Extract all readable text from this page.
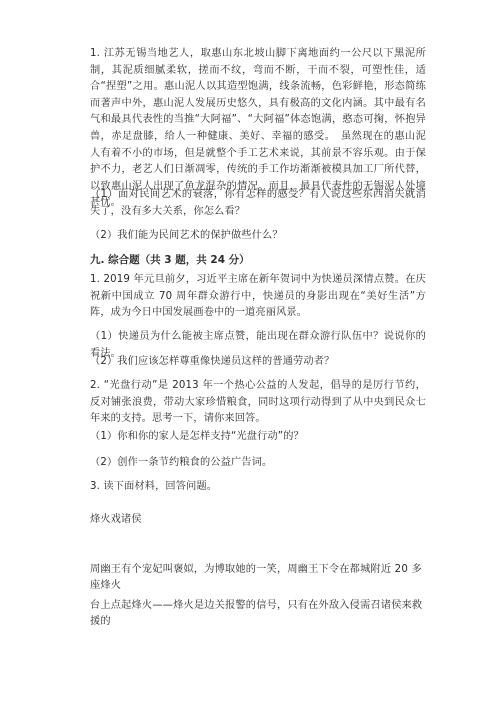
1. 江苏无锡当地艺人，取惠山东北坡山脚下离地面约一公尺以下黑泥所制，其泥质细腻柔软，搓而不纹，弯而不断，干而不裂，可塑性佳，适合“捏塑”之用。惠山泥人以其造型饱满，线条流畅，色彩鲜艳，形态简练而著声中外，惠山泥人发展历史悠久，具有极高的文化内涵。其中最有名气和最具代表性的当推“大阿福”、“大阿福”体态饱满，憨态可掬，怀抱异兽，赤足盘膝，给人一种健康、美好、幸福的感受。　虽然现在的惠山泥人有着不小的市场，但是就整个手工艺术来说，其前景不容乐观。由于保护不力，老艺人们日渐凋零，传统的手工作坊渐渐被模具加工厂所代替，以致惠山泥人出现了鱼龙混杂的情况。而且，最具代表性的无锡泥人处境甚忧。

（1）面对民间艺术的衰落，你有怎样的感受？有人说这些东西消失就消失了，没有多大关系，你怎么看？

（2）我们能为民间艺术的保护做些什么？

九. 综合题（共 3 题，共 24 分）

1. 2019 年元旦前夕，习近平主席在新年贺词中为快递员深情点赞。在庆祝新中国成立 70 周年群众游行中，快递员的身影出现在“美好生活”方阵，成为今日中国发展画卷中的一道亮丽风景。

（1）快递员为什么能被主席点赞，能出现在群众游行队伍中？说说你的看法。

（2）我们应该怎样尊重像快递员这样的普通劳动者？

2. “光盘行动”是 2013 年一个热心公益的人发起，倡导的是厉行节约，反对铺张浪费，带动大家珍惜粮食，同时这项行动得到了从中央到民众七年来的支持。思考一下，请你来回答。

（1）你和你的家人是怎样支持“光盘行动”的？

（2）创作一条节约粮食的公益广告词。

3. 读下面材料，回答问题。

烽火戏诸侯

周幽王有个宠妃叫褒姒，为博取她的一笑，周幽王下令在都城附近 20 多座烽火

台上点起烽火——烽火是边关报警的信号，只有在外敌入侵需召诸侯来救援的
